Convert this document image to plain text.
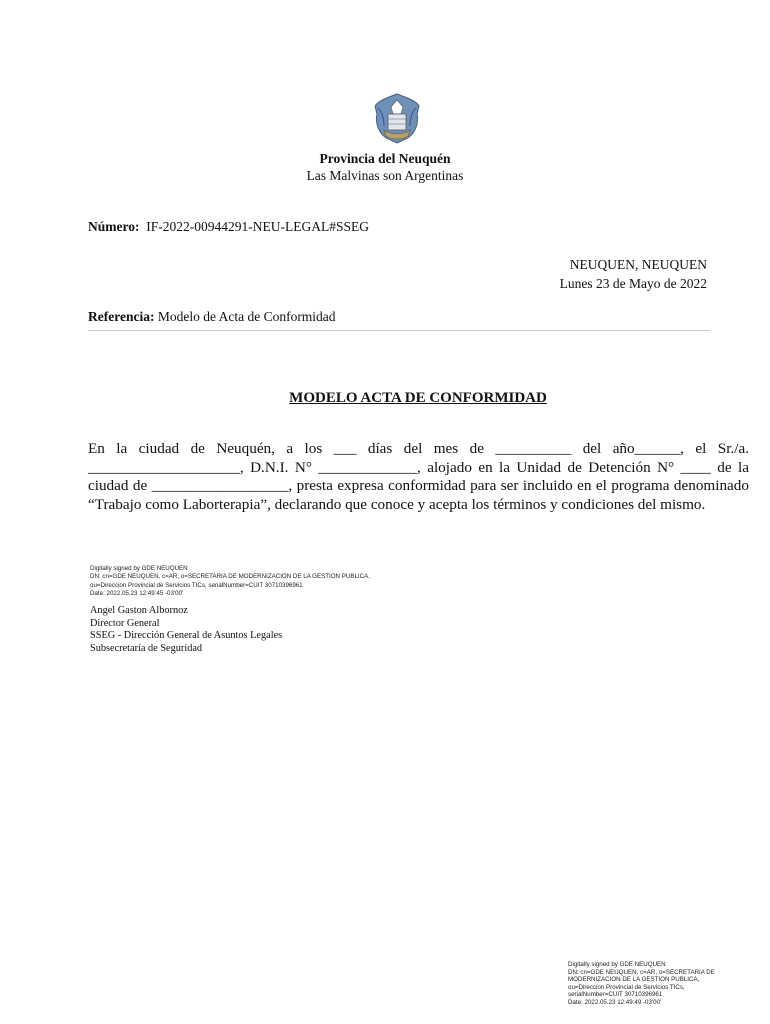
Provincia del Neuquén
Las Malvinas son Argentinas
Número: IF-2022-00944291-NEU-LEGAL#SSEG
NEUQUEN, NEUQUEN
Lunes 23 de Mayo de 2022
Referencia: Modelo de Acta de Conformidad
MODELO ACTA DE CONFORMIDAD

En la ciudad de Neuquén, a los ___ días del mes de __________ del año______, el Sr./a. ____________________, D.N.I. N° _____________, alojado en la Unidad de Detención N° ____ de la ciudad de __________________, presta expresa conformidad para ser incluido en el programa denominado “Trabajo como Laborterapia”, declarando que conoce y acepta los términos y condiciones del mismo.

Digitally signed by GDE NEUQUEN
DN: cn=GDE NEUQUEN, c=AR, o=SECRETARIA DE MODERNIZACION DE LA GESTION PUBLICA,
ou=Direccion Provincial de Servicios TICs, serialNumber=CUIT 30710396961
Date: 2022.05.23 12:49:45 -03'00'
Angel Gaston Albornoz
Director General
SSEG - Dirección General de Asuntos Legales
Subsecretaría de Seguridad
Digitally signed by GDE NEUQUEN
DN: cn=GDE NEUQUEN, c=AR, o=SECRETARIA DE
MODERNIZACION DE LA GESTION PUBLICA,
ou=Direccion Provincial de Servicios TICs,
serialNumber=CUIT 30710396961
Date: 2022.05.23 12:49:49 -03'00'
